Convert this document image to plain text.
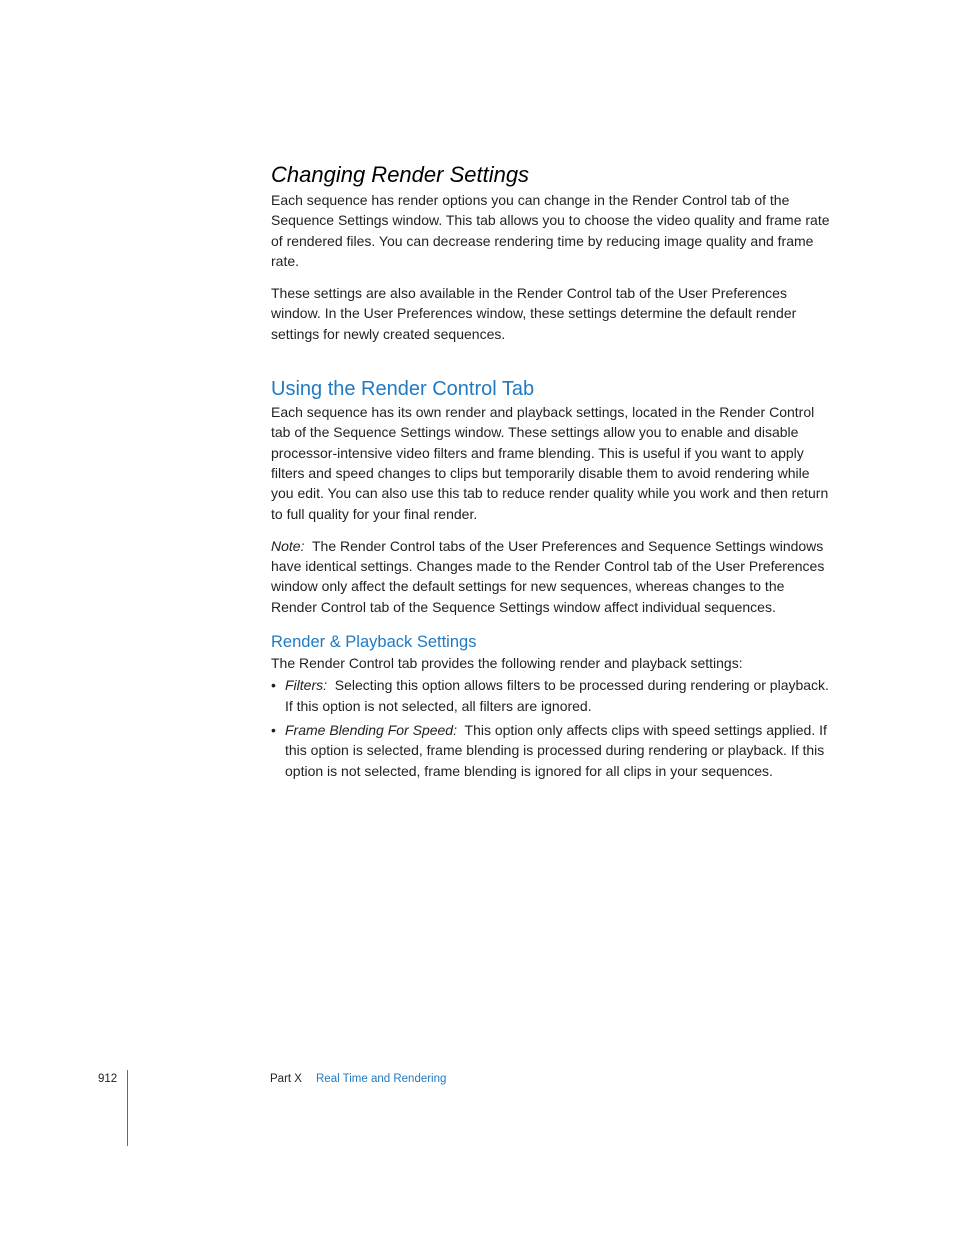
Changing Render Settings

Each sequence has render options you can change in the Render Control tab of the Sequence Settings window. This tab allows you to choose the video quality and frame rate of rendered files. You can decrease rendering time by reducing image quality and frame rate.

These settings are also available in the Render Control tab of the User Preferences window. In the User Preferences window, these settings determine the default render settings for newly created sequences.

Using the Render Control Tab

Each sequence has its own render and playback settings, located in the Render Control tab of the Sequence Settings window. These settings allow you to enable and disable processor-intensive video filters and frame blending. This is useful if you want to apply filters and speed changes to clips but temporarily disable them to avoid rendering while you edit. You can also use this tab to reduce render quality while you work and then return to full quality for your final render.

Note: The Render Control tabs of the User Preferences and Sequence Settings windows have identical settings. Changes made to the Render Control tab of the User Preferences window only affect the default settings for new sequences, whereas changes to the Render Control tab of the Sequence Settings window affect individual sequences.

Render & Playback Settings

The Render Control tab provides the following render and playback settings:

• Filters: Selecting this option allows filters to be processed during rendering or playback. If this option is not selected, all filters are ignored.
• Frame Blending For Speed: This option only affects clips with speed settings applied. If this option is selected, frame blending is processed during rendering or playback. If this option is not selected, frame blending is ignored for all clips in your sequences.
912	Part X Real Time and Rendering
